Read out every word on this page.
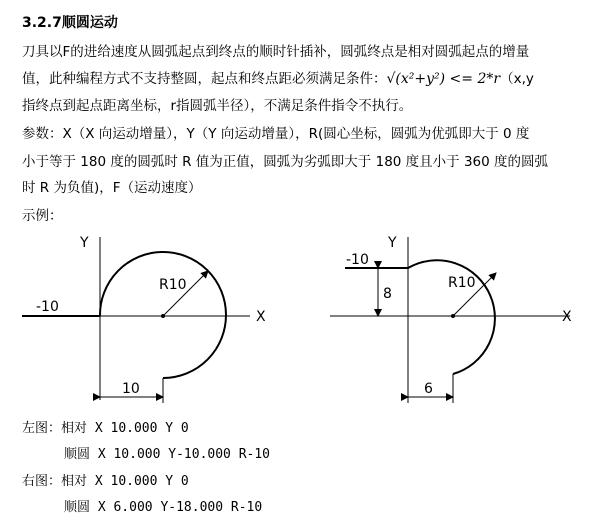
3.2.7顺圆运动
刀具以F的进给速度从圆弧起点到终点的顺时针插补，圆弧终点是相对圆弧起点的增量
值，此种编程方式不支持整圆，起点和终点距必须满足条件：√(x²+y²) <= 2*r（x,y
指终点到起点距离坐标，r指圆弧半径），不满足条件指令不执行。
参数：X（X 向运动增量），Y（Y 向运动增量），R(圆心坐标，圆弧为优弧即大于 0 度
小于等于 180 度的圆弧时 R 值为正值，圆弧为劣弧即大于 180 度且小于 360 度的圆弧
时 R 为负值)，F（运动速度）
示例：
Y
X
-10
R10
10
Y
X
-10
8
R10
6
左图：相对 X 10.000 Y 0
顺圆 X 10.000 Y-10.000 R-10
右图：相对 X 10.000 Y 0
顺圆 X 6.000 Y-18.000 R-10
